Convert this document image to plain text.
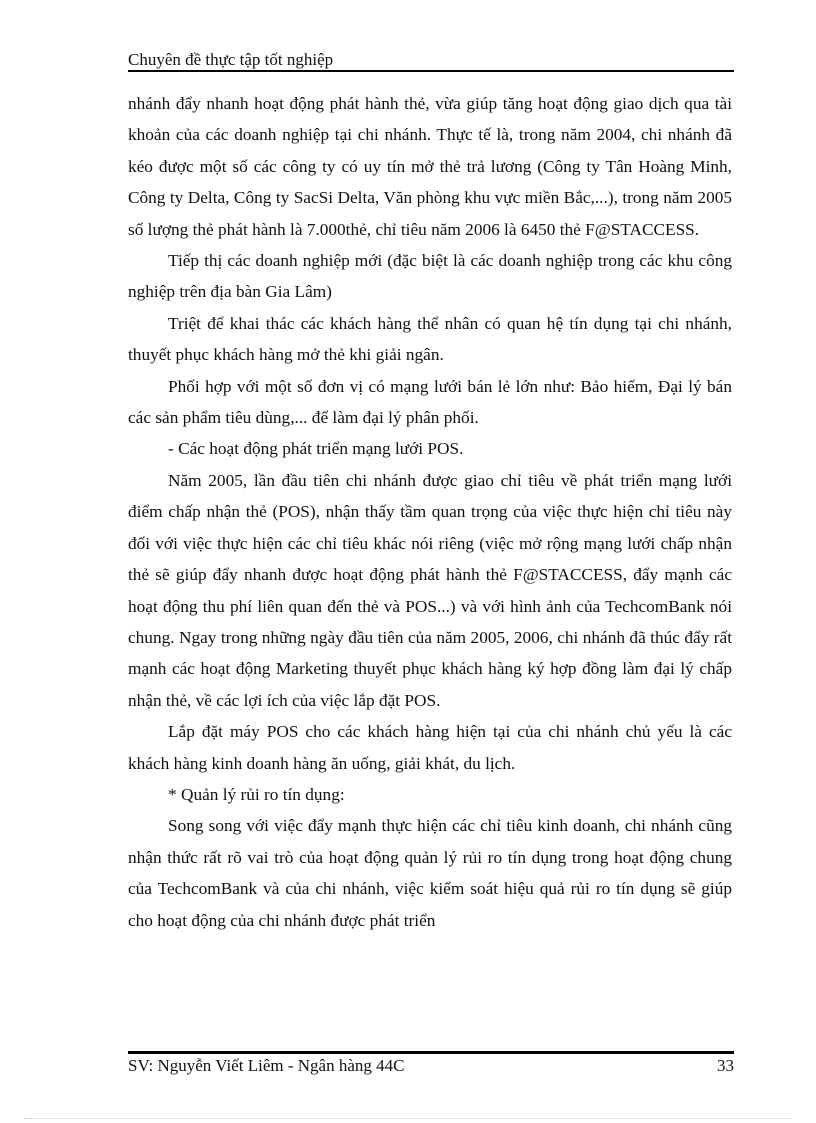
Chuyên đề thực tập tốt nghiệp

nhánh đẩy nhanh hoạt động phát hành thẻ, vừa giúp tăng hoạt động giao dịch qua tài khoản của các doanh nghiệp tại chi nhánh. Thực tế là, trong năm 2004, chi nhánh đã kéo được một số các công ty có uy tín mở thẻ trả lương (Công ty Tân Hoàng Minh, Công ty Delta, Công ty SacSi Delta, Văn phòng khu vực miền Bắc,...), trong năm 2005 số lượng thẻ phát hành là 7.000thẻ, chỉ tiêu năm 2006 là 6450 thẻ F@STACCESS.

Tiếp thị các doanh nghiệp mới (đặc biệt là các doanh nghiệp trong các khu công nghiệp trên địa bàn Gia Lâm)

Triệt để khai thác các khách hàng thể nhân có quan hệ tín dụng tại chi nhánh, thuyết phục khách hàng mở thẻ khi giải ngân.

Phối hợp với một số đơn vị có mạng lưới bán lẻ lớn như: Bảo hiểm, Đại lý bán các sản phẩm tiêu dùng,... để làm đại lý phân phối.

- Các hoạt động phát triển mạng lưới POS.

Năm 2005, lần đầu tiên chi nhánh được giao chỉ tiêu về phát triển mạng lưới điểm chấp nhận thẻ (POS), nhận thấy tầm quan trọng của việc thực hiện chỉ tiêu này đối với việc thực hiện các chỉ tiêu khác nói riêng (việc mở rộng mạng lưới chấp nhận thẻ sẽ giúp đẩy nhanh được hoạt động phát hành thẻ F@STACCESS, đẩy mạnh các hoạt động thu phí liên quan đến thẻ và POS...) và với hình ảnh của TechcomBank nói chung. Ngay trong những ngày đầu tiên của năm 2005, 2006, chi nhánh đã thúc đẩy rất mạnh các hoạt động Marketing thuyết phục khách hàng ký hợp đồng làm đại lý chấp nhận thẻ, về các lợi ích của việc lắp đặt POS.

Lắp đặt máy POS cho các khách hàng hiện tại của chi nhánh chủ yếu là các khách hàng kinh doanh hàng ăn uống, giải khát, du lịch.

* Quản lý rủi ro tín dụng:

Song song với việc đẩy mạnh thực hiện các chỉ tiêu kinh doanh, chi nhánh cũng nhận thức rất rõ vai trò của hoạt động quản lý rủi ro tín dụng trong hoạt động chung của TechcomBank và của chi nhánh, việc kiểm soát hiệu quả rủi ro tín dụng sẽ giúp cho hoạt động của chi nhánh được phát triển

SV: Nguyễn Viết Liêm - Ngân hàng 44C	33
